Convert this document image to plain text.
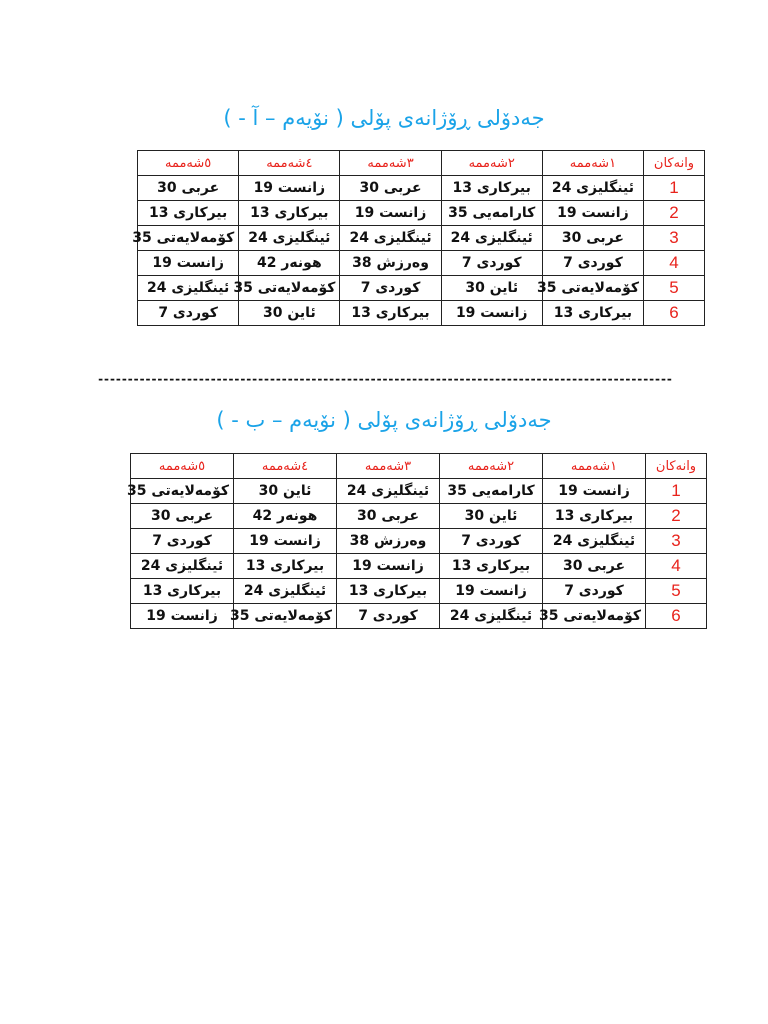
جەدۆلی ڕۆژانەی پۆلی ( نۆیەم – آ - )
وانەکان	١شەممە	٢شەممە	٣شەممە	٤شەممە	٥شەممە
1	ئینگلیزی 24	بیرکاری 13	عربی 30	زانست 19	عربی 30
2	زانست 19	کارامەیی 35	زانست 19	بیرکاری 13	بیرکاری 13
3	عربی 30	ئینگلیزی 24	ئینگلیزی 24	ئینگلیزی 24	کۆمەلایەتی 35
4	کوردی 7	کوردی 7	وەرزش 38	هونەر 42	زانست 19
5	کۆمەلایەتی 35	ئاین 30	کوردی 7	کۆمەلایەتی 35	ئینگلیزی 24
6	بیرکاری 13	زانست 19	بیرکاری 13	ئاین 30	کوردی 7
-------------------------------------------------------------------------------------------------
جەدۆلی ڕۆژانەی پۆلی ( نۆیەم – ب - )
وانەکان	١شەممە	٢شەممە	٣شەممە	٤شەممە	٥شەممە
1	زانست 19	کارامەیی 35	ئینگلیزی 24	ئاین 30	کۆمەلایەتی 35
2	بیرکاری 13	ئاین 30	عربی 30	هونەر 42	عربی 30
3	ئینگلیزی 24	کوردی 7	وەرزش 38	زانست 19	کوردی 7
4	عربی 30	بیرکاری 13	زانست 19	بیرکاری 13	ئینگلیزی 24
5	کوردی 7	زانست 19	بیرکاری 13	ئینگلیزی 24	بیرکاری 13
6	کۆمەلایەتی 35	ئینگلیزی 24	کوردی 7	کۆمەلایەتی 35	زانست 19
